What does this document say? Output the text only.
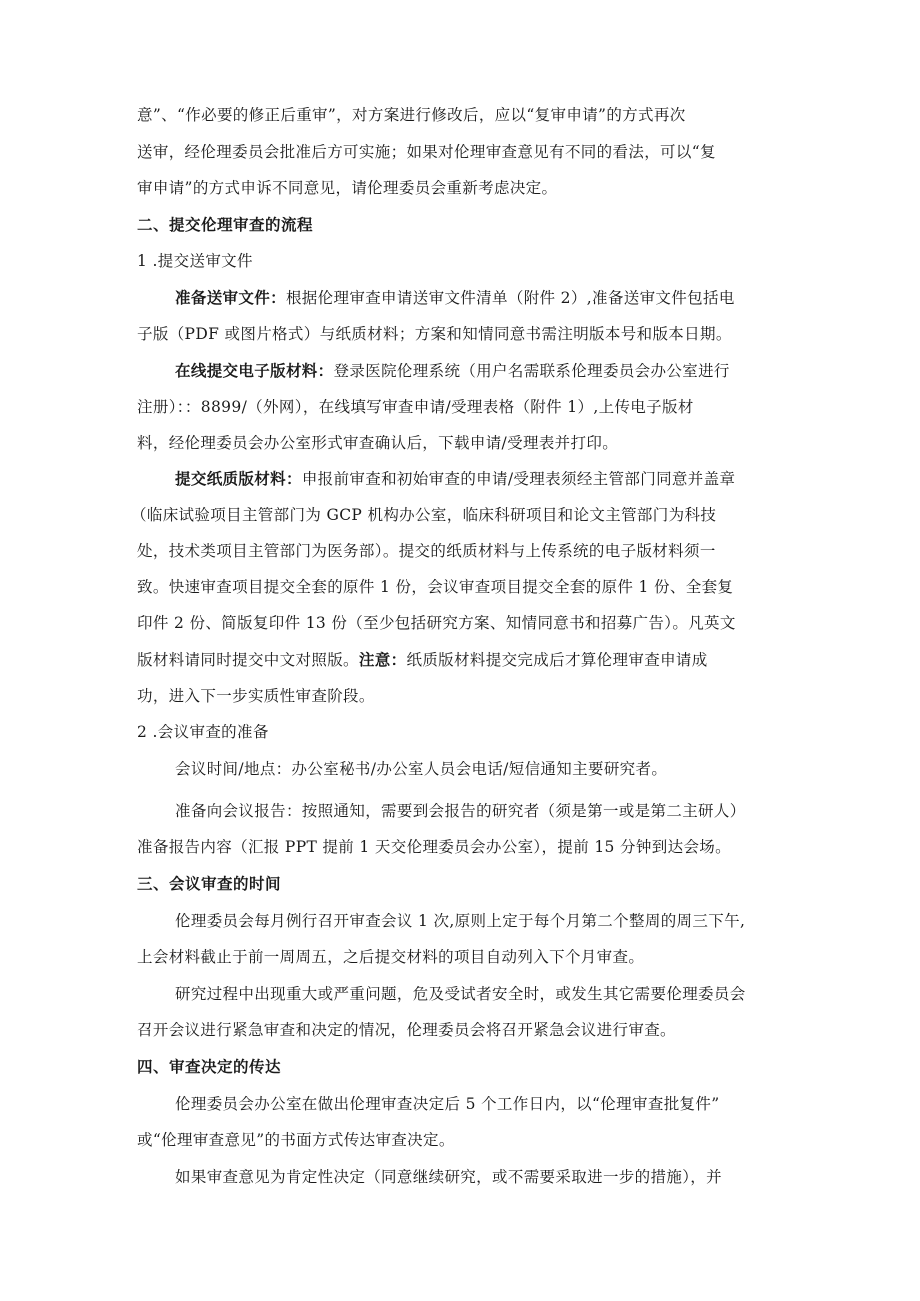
意”、“作必要的修正后重审”，对方案进行修改后，应以“复审申请”的方式再次
送审，经伦理委员会批准后方可实施；如果对伦理审查意见有不同的看法，可以“复
审申请”的方式申诉不同意见，请伦理委员会重新考虑决定。
二、提交伦理审查的流程
1 .提交送审文件
准备送审文件：根据伦理审查申请送审文件清单（附件 2）,准备送审文件包括电
子版（PDF 或图片格式）与纸质材料；方案和知情同意书需注明版本号和版本日期。
在线提交电子版材料：登录医院伦理系统（用户名需联系伦理委员会办公室进行
注册）：：8899/（外网），在线填写审查申请/受理表格（附件 1）,上传电子版材
料，经伦理委员会办公室形式审查确认后，下载申请/受理表并打印。
提交纸质版材料：申报前审查和初始审查的申请/受理表须经主管部门同意并盖章
（临床试验项目主管部门为 GCP 机构办公室，临床科研项目和论文主管部门为科技
处，技术类项目主管部门为医务部）。提交的纸质材料与上传系统的电子版材料须一
致。快速审查项目提交全套的原件 1 份，会议审查项目提交全套的原件 1 份、全套复
印件 2 份、简版复印件 13 份（至少包括研究方案、知情同意书和招募广告）。凡英文
版材料请同时提交中文对照版。注意：纸质版材料提交完成后才算伦理审查申请成
功，进入下一步实质性审查阶段。
2 .会议审查的准备
会议时间/地点：办公室秘书/办公室人员会电话/短信通知主要研究者。
准备向会议报告：按照通知，需要到会报告的研究者（须是第一或是第二主研人）
准备报告内容（汇报 PPT 提前 1 天交伦理委员会办公室），提前 15 分钟到达会场。
三、会议审查的时间
伦理委员会每月例行召开审查会议 1 次,原则上定于每个月第二个整周的周三下午,
上会材料截止于前一周周五，之后提交材料的项目自动列入下个月审查。
研究过程中出现重大或严重问题，危及受试者安全时，或发生其它需要伦理委员会
召开会议进行紧急审查和决定的情况，伦理委员会将召开紧急会议进行审查。
四、审查决定的传达
伦理委员会办公室在做出伦理审查决定后 5 个工作日内，以“伦理审查批复件”
或“伦理审查意见”的书面方式传达审查决定。
如果审查意见为肯定性决定（同意继续研究，或不需要采取进一步的措施），并
